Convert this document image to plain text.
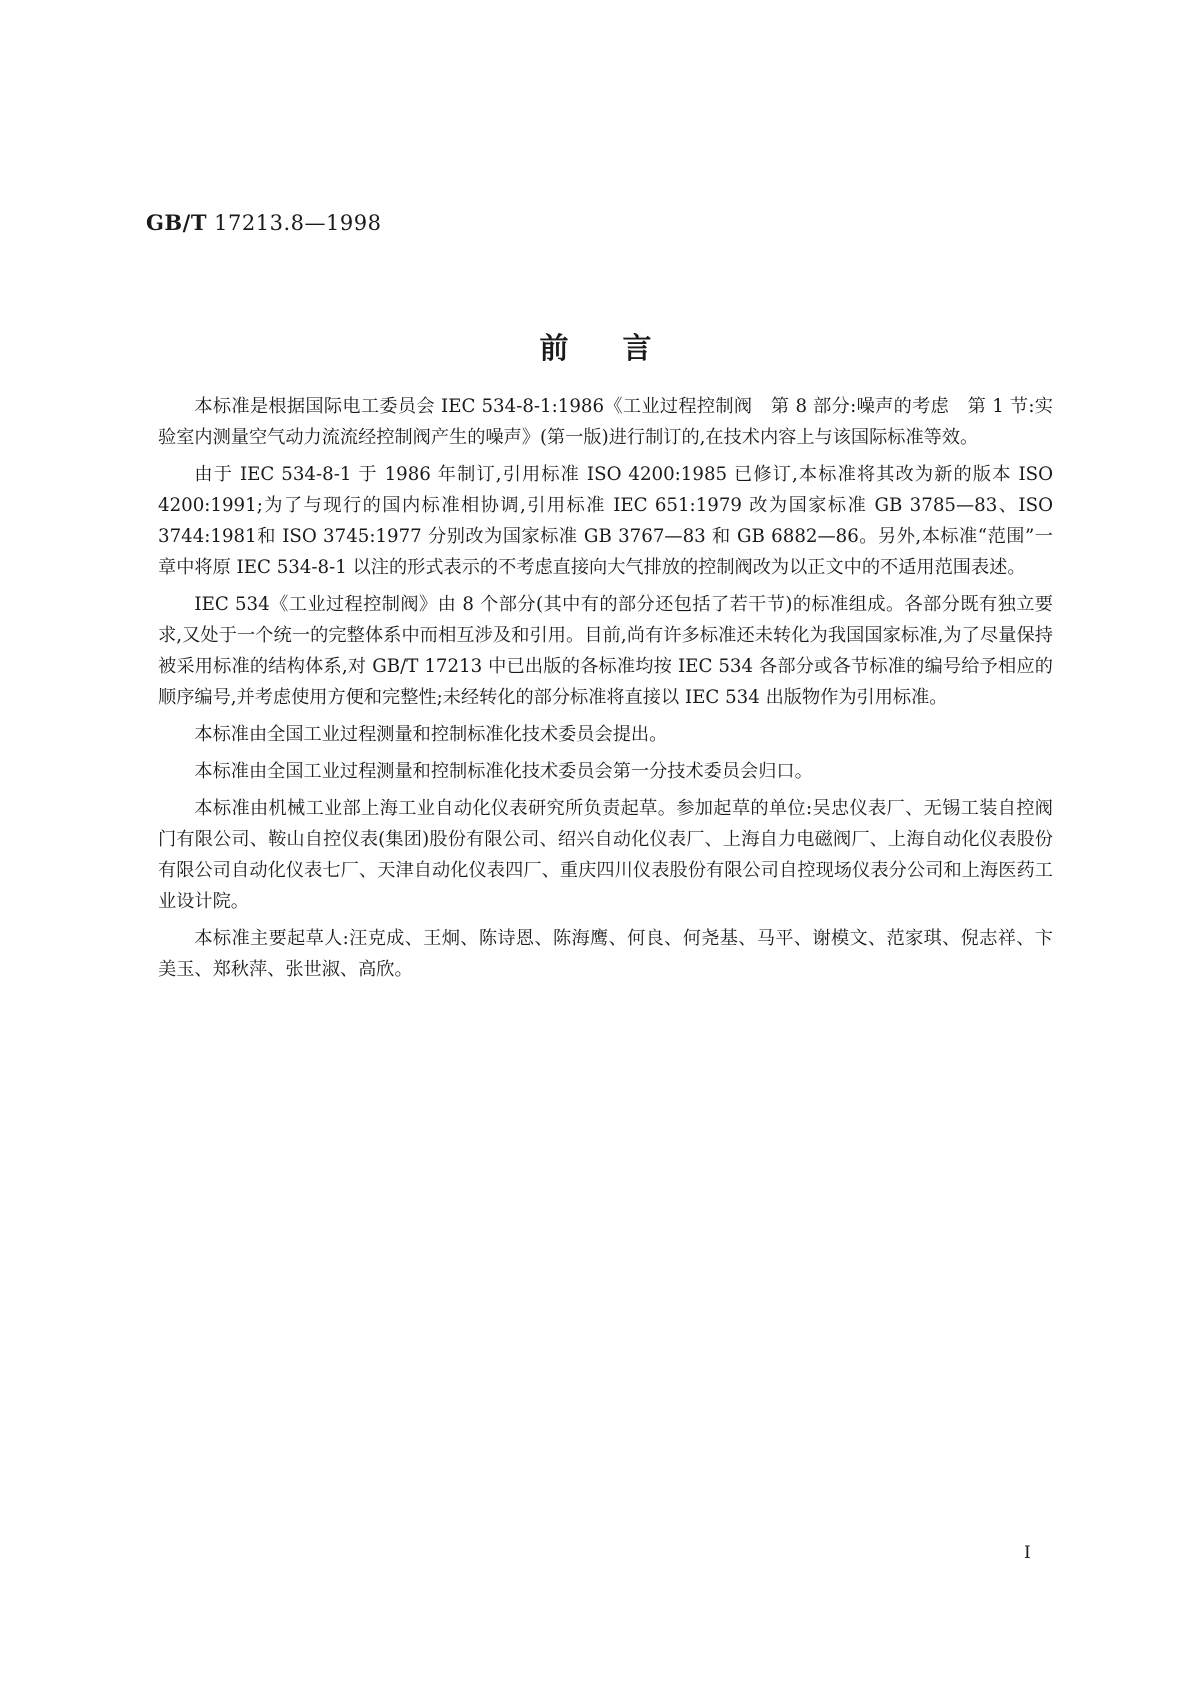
GB/T 17213.8—1998
前言

本标准是根据国际电工委员会 IEC 534-8-1:1986《工业过程控制阀　第 8 部分:噪声的考虑　第 1 节:实验室内测量空气动力流流经控制阀产生的噪声》(第一版)进行制订的,在技术内容上与该国际标准等效。

由于 IEC 534-8-1 于 1986 年制订,引用标准 ISO 4200:1985 已修订,本标准将其改为新的版本 ISO 4200:1991;为了与现行的国内标准相协调,引用标准 IEC 651:1979 改为国家标准 GB 3785—83、ISO 3744:1981和 ISO 3745:1977 分别改为国家标准 GB 3767—83 和 GB 6882—86。另外,本标准“范围”一章中将原 IEC 534-8-1 以注的形式表示的不考虑直接向大气排放的控制阀改为以正文中的不适用范围表述。

IEC 534《工业过程控制阀》由 8 个部分(其中有的部分还包括了若干节)的标准组成。各部分既有独立要求,又处于一个统一的完整体系中而相互涉及和引用。目前,尚有许多标准还未转化为我国国家标准,为了尽量保持被采用标准的结构体系,对 GB/T 17213 中已出版的各标准均按 IEC 534 各部分或各节标准的编号给予相应的顺序编号,并考虑使用方便和完整性;未经转化的部分标准将直接以 IEC 534 出版物作为引用标准。

本标准由全国工业过程测量和控制标准化技术委员会提出。

本标准由全国工业过程测量和控制标准化技术委员会第一分技术委员会归口。

本标准由机械工业部上海工业自动化仪表研究所负责起草。参加起草的单位:吴忠仪表厂、无锡工装自控阀门有限公司、鞍山自控仪表(集团)股份有限公司、绍兴自动化仪表厂、上海自力电磁阀厂、上海自动化仪表股份有限公司自动化仪表七厂、天津自动化仪表四厂、重庆四川仪表股份有限公司自控现场仪表分公司和上海医药工业设计院。

本标准主要起草人:汪克成、王炯、陈诗恩、陈海鹰、何良、何尧基、马平、谢模文、范家琪、倪志祥、卞美玉、郑秋萍、张世淑、高欣。

I
